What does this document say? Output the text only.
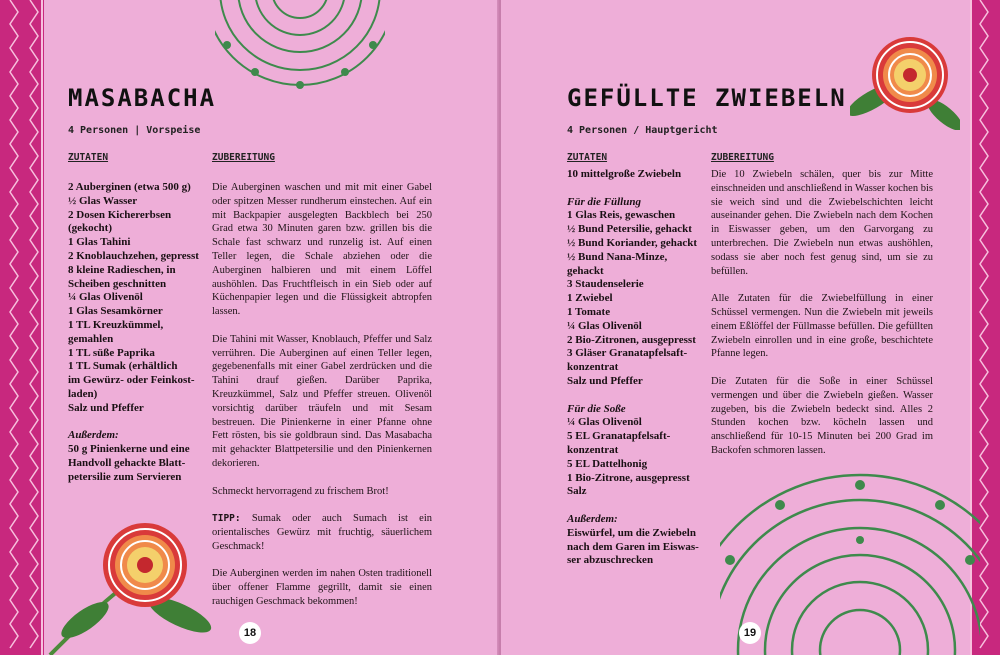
MASABACHA
4 Personen | Vorspeise
ZUTATEN	ZUBEREITUNG
2 Auberginen (etwa 500 g)
½ Glas Wasser
2 Dosen Kichererbsen
(gekocht)
1 Glas Tahini
2 Knoblauchzehen, gepresst
8 kleine Radieschen, in
Scheiben geschnitten
¼ Glas Olivenöl
1 Glas Sesamkörner
1 TL Kreuzkümmel,
gemahlen
1 TL süße Paprika
1 TL Sumak (erhältlich
im Gewürz- oder Feinkost-
laden)
Salz und Pfeffer
Außerdem:
50 g Pinienkerne und eine
Handvoll gehackte Blatt-
petersilie zum Servieren

Die Auberginen waschen und mit mit einer Gabel oder spitzen Messer rundherum einstechen. Auf ein mit Backpapier ausgelegten Backblech bei 250 Grad etwa 30 Minuten garen bzw. grillen bis die Schale fast schwarz und runzelig ist. Auf einen Teller legen, die Schale abziehen oder die Auberginen halbieren und mit einem Löffel aushöhlen. Das Fruchtfleisch in ein Sieb oder auf Küchenpapier legen und die Flüssigkeit abtropfen lassen.

Die Tahini mit Wasser, Knoblauch, Pfeffer und Salz verrühren. Die Auberginen auf einen Teller legen, gegebenenfalls mit einer Gabel zerdrücken und die Tahini drauf gießen. Darüber Paprika, Kreuzkümmel, Salz und Pfeffer streuen. Olivenöl vorsichtig darüber träufeln und mit Sesam bestreuen. Die Pinienkerne in einer Pfanne ohne Fett rösten, bis sie goldbraun sind. Das Masabacha mit gehackter Blattpetersilie und den Pinienkernen dekorieren.

Schmeckt hervorragend zu frischem Brot!

TIPP: Sumak oder auch Sumach ist ein orientalisches Gewürz mit fruchtig, säuerlichem Geschmack!

Die Auberginen werden im nahen Osten traditionell über offener Flamme gegrillt, damit sie einen rauchigen Geschmack bekommen!

18
GEFÜLLTE ZWIEBELN
4 Personen / Hauptgericht
ZUTATEN	ZUBEREITUNG
10 mittelgroße Zwiebeln
Für die Füllung
1 Glas Reis, gewaschen
½ Bund Petersilie, gehackt
½ Bund Koriander, gehackt
½ Bund Nana-Minze,
gehackt
3 Staudenselerie
1 Zwiebel
1 Tomate
¼ Glas Olivenöl
2 Bio-Zitronen, ausgepresst
3 Gläser Granatapfelsaft-
konzentrat
Salz und Pfeffer
Für die Soße
¼ Glas Olivenöl
5 EL Granatapfelsaft-
konzentrat
5 EL Dattelhonig
1 Bio-Zitrone, ausgepresst
Salz
Außerdem:
Eiswürfel, um die Zwiebeln
nach dem Garen im Eiswas-
ser abzuschrecken

Die 10 Zwiebeln schälen, quer bis zur Mitte einschneiden und anschließend in Wasser kochen bis sie weich sind und die Zwiebelschichten leicht auseinander gehen. Die Zwiebeln nach dem Kochen in Eiswasser geben, um den Garvorgang zu unterbrechen. Die Zwiebeln nun etwas aushöhlen, sodass sie aber noch fest genug sind, um sie zu befüllen.

Alle Zutaten für die Zwiebelfüllung in einer Schüssel vermengen. Nun die Zwiebeln mit jeweils einem Eßlöffel der Füllmasse befüllen. Die gefüllten Zwiebeln einrollen und in eine große, beschichtete Pfanne legen.

Die Zutaten für die Soße in einer Schüssel vermengen und über die Zwiebeln gießen. Wasser zugeben, bis die Zwiebeln bedeckt sind. Alles 2 Stunden kochen bzw. köcheln lassen und anschließend für 10-15 Minuten bei 200 Grad im Backofen schmoren lassen.

19
